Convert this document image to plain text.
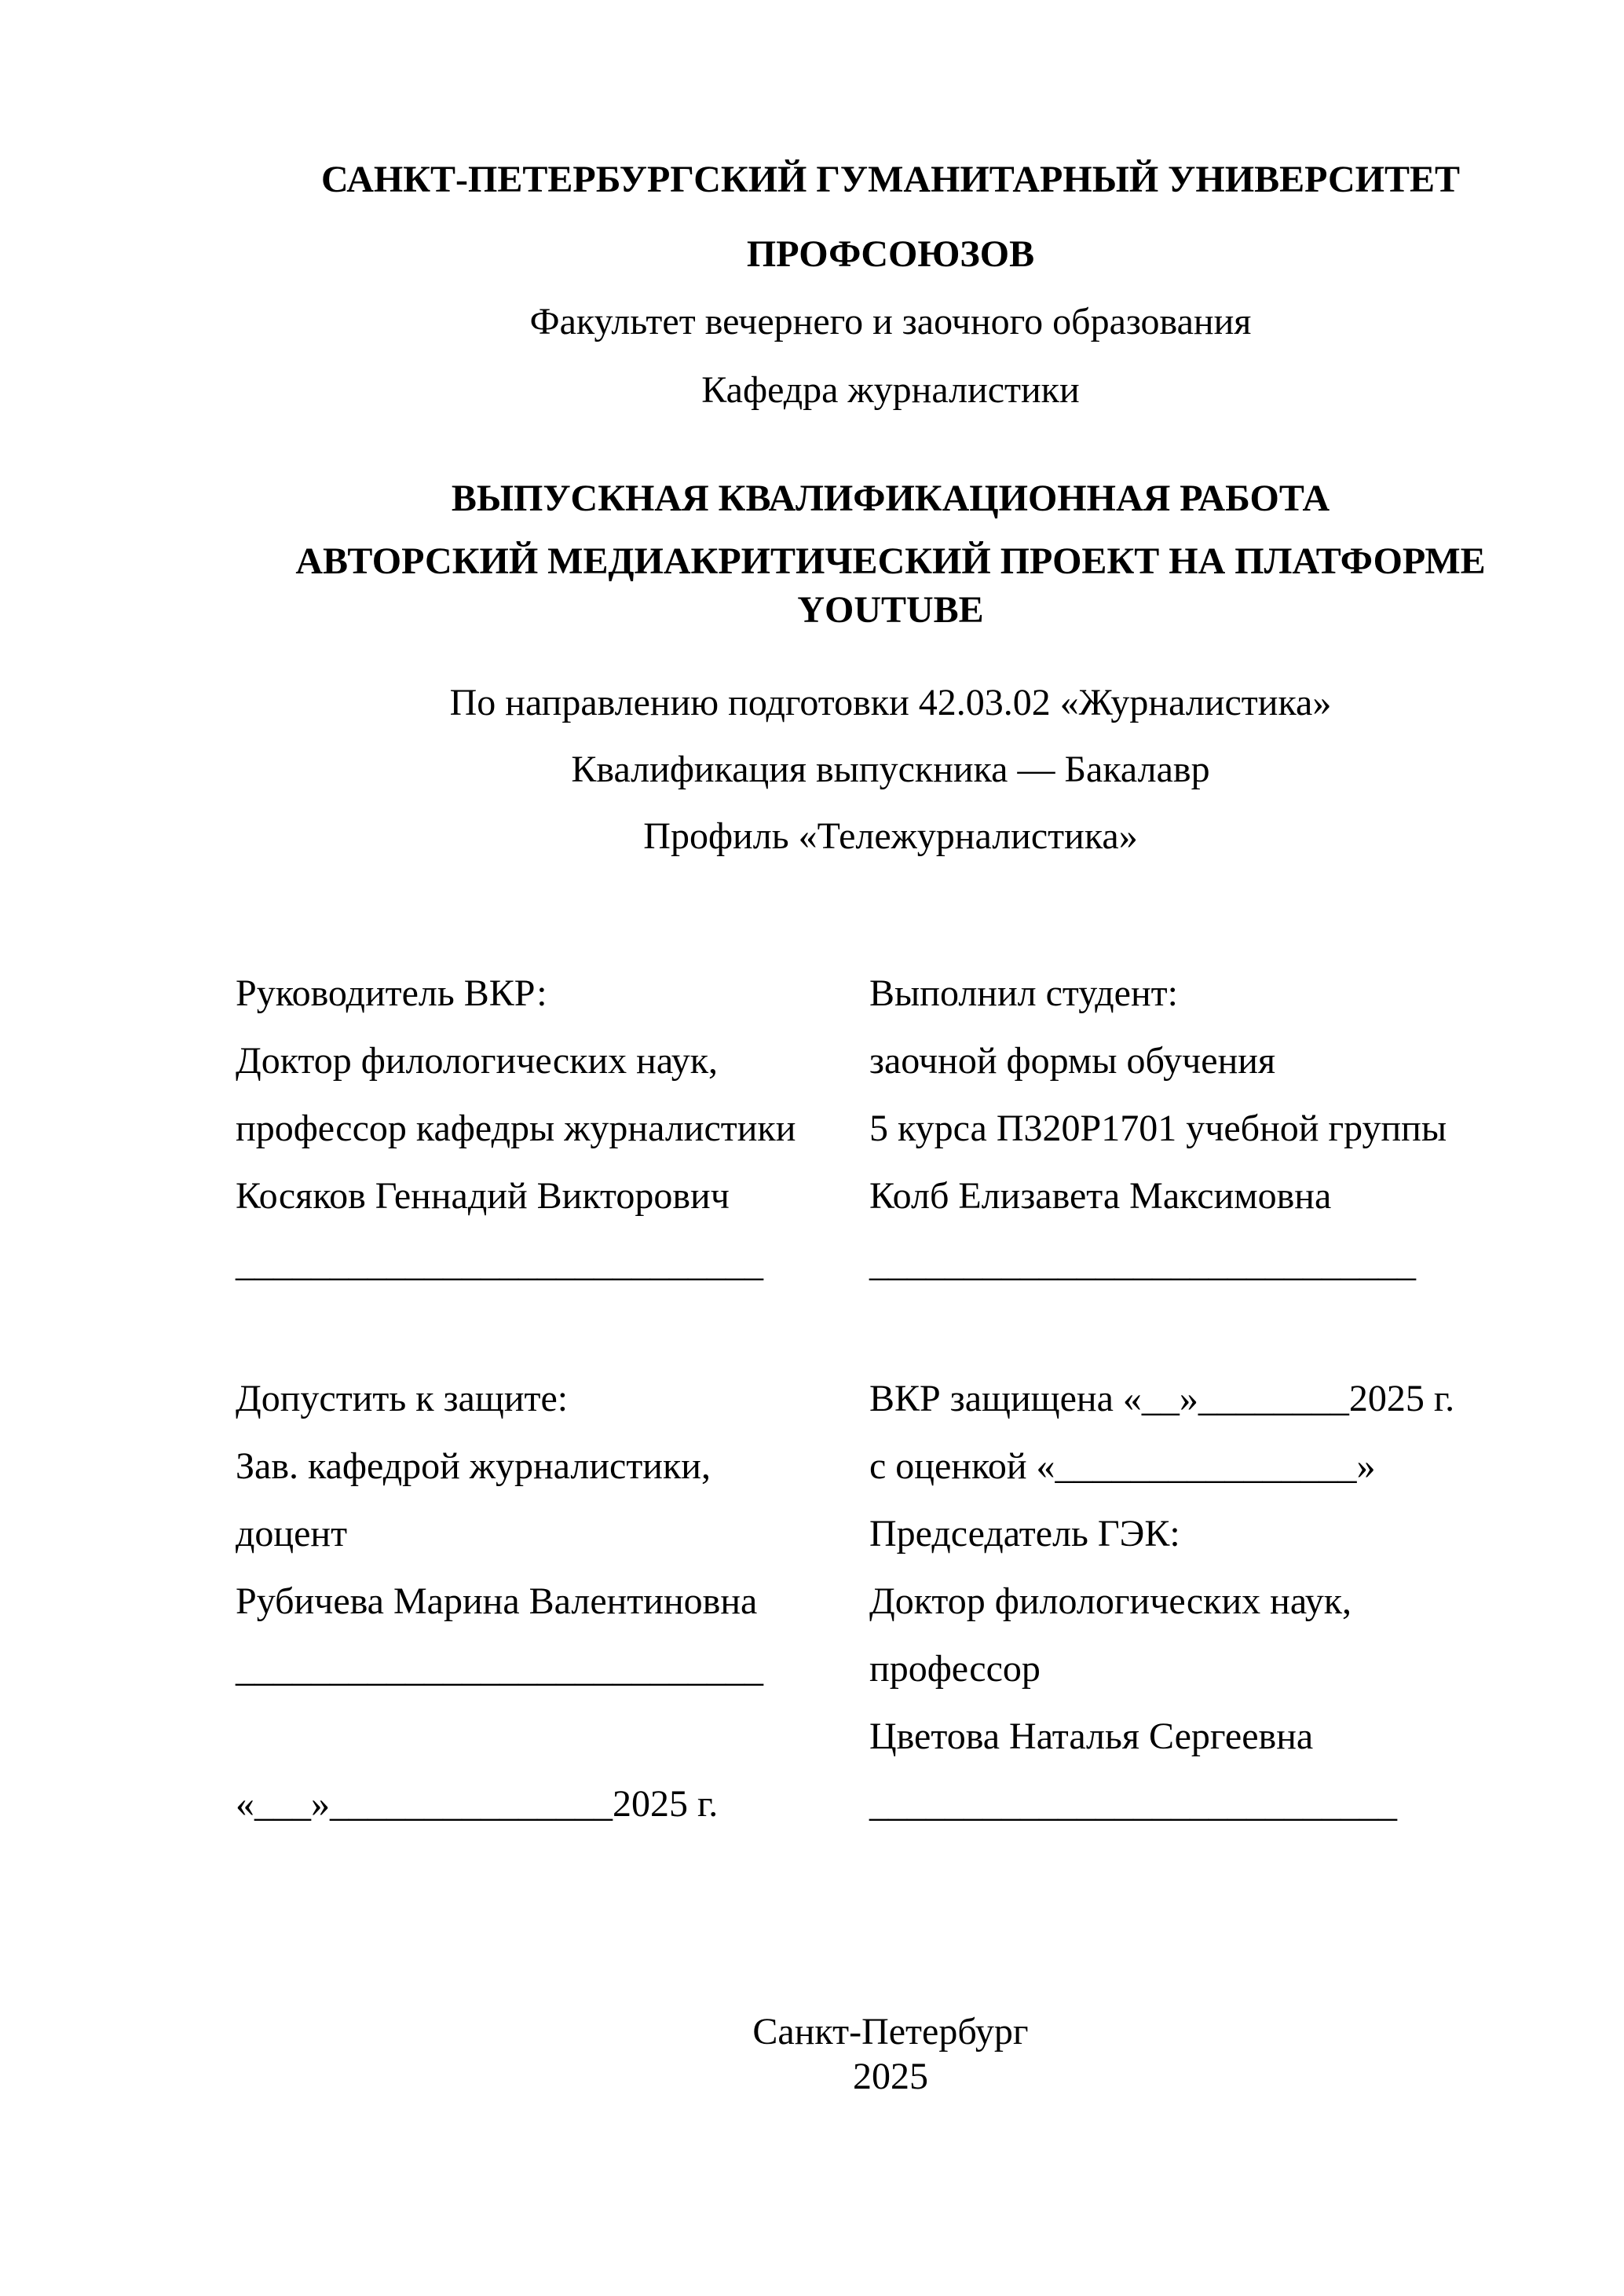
САНКТ-ПЕТЕРБУРГСКИЙ ГУМАНИТАРНЫЙ УНИВЕРСИТЕТ
ПРОФСОЮЗОВ
Факультет вечернего и заочного образования
Кафедра журналистики
ВЫПУСКНАЯ КВАЛИФИКАЦИОННАЯ РАБОТА
АВТОРСКИЙ МЕДИАКРИТИЧЕСКИЙ ПРОЕКТ НА ПЛАТФОРМЕ
YOUTUBE
По направлению подготовки 42.03.02 «Журналистика»
Квалификация выпускника — Бакалавр
Профиль «Тележурналистика»
Руководитель ВКР:
Доктор филологических наук,
профессор кафедры журналистики
Косяков Геннадий Викторович
____________________________
Допустить к защите:
Зав. кафедрой журналистики,
доцент
Рубичева Марина Валентиновна
____________________________
«___»_______________2025 г.
Выполнил студент:
заочной формы обучения
5 курса П320Р1701 учебной группы
Колб Елизавета Максимовна
_____________________________
ВКР защищена «__»________2025 г.
с оценкой «________________»
Председатель ГЭК:
Доктор филологических наук,
профессор
Цветова Наталья Сергеевна
____________________________
Санкт-Петербург
2025
